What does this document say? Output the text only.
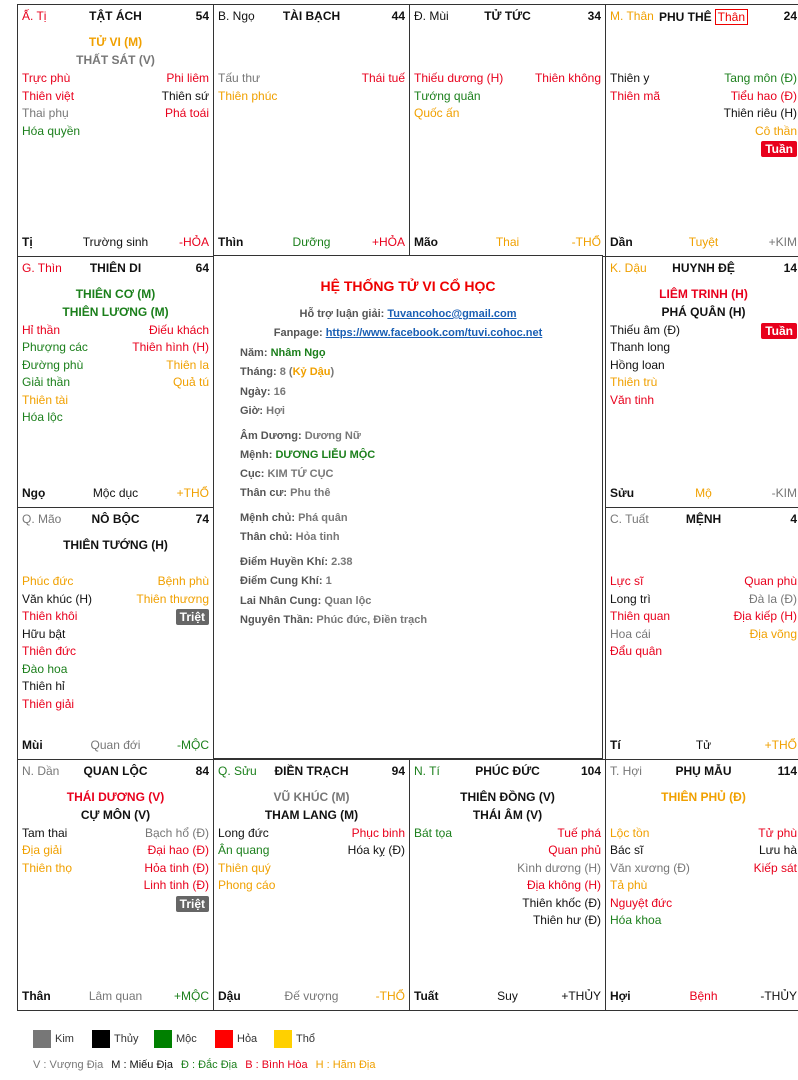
Ấ. Tị	TẬT ÁCH	54
TỬ VI (M)
THẤT SÁT (V)
Trực phù	Phi liêm
Thiên việt	Thiên sứ
Thai phụ	Phá toái
Hóa quyền
Tị	Trường sinh	-HỎA
B. Ngọ	TÀI BẠCH	44
Tấu thư	Thái tuế
Thiên phúc
Thìn	Dưỡng	+HỎA
Đ. Mùi	TỬ TỨC	34
Thiếu dương (H)	Thiên không
Tướng quân
Quốc ấn
Mão	Thai	-THỔ
M. Thân PHU THÊ Thân	24
Thiên y	Tang môn (Đ)
Thiên mã	Tiểu hao (Đ)
Thiên riêu (H)
Cô thần
Tuần
Dần	Tuyệt	+KIM
G. Thìn	THIÊN DI	64
THIÊN CƠ (M)
THIÊN LƯƠNG (M)
Hỉ thần	Điếu khách
Phượng các	Thiên hình (H)
Đường phù	Thiên la
Giải thần	Quả tú
Thiên tài
Hóa lộc
Ngọ	Mộc dục	+THỔ
K. Dậu	HUYNH ĐỆ	14
LIÊM TRINH (H)
PHÁ QUÂN (H)
Thiếu âm (Đ)	Tuần
Thanh long
Hồng loan
Thiên trù
Văn tinh
Sửu	Mộ	-KIM
Q. Mão	NÔ BỘC	74
THIÊN TƯỚNG (H)
Phúc đức	Bệnh phù
Văn khúc (H)	Thiên thương
Thiên khôi	Triệt
Hữu bật
Thiên đức
Đào hoa
Thiên hỉ
Thiên giải
Mùi	Quan đới	-MỘC
C. Tuất	MỆNH	4
Lực sĩ	Quan phù
Long trì	Đà la (Đ)
Thiên quan	Địa kiếp (H)
Hoa cái	Địa võng
Đẩu quân
Tí	Tử	+THỔ
N. Dần	QUAN LỘC	84
THÁI DƯƠNG (V)
CỰ MÔN (V)
Tam thai	Bạch hổ (Đ)
Địa giải	Đại hao (Đ)
Thiên thọ	Hỏa tinh (Đ)
Linh tinh (Đ)
Triệt
Thân	Lâm quan	+MỘC
Q. Sửu	ĐIỀN TRẠCH	94
VŨ KHÚC (M)
THAM LANG (M)
Long đức	Phục binh
Ân quang	Hóa kỵ (Đ)
Thiên quý
Phong cáo
Dậu	Đế vượng	-THỔ
N. Tí	PHÚC ĐỨC	104
THIÊN ĐỒNG (V)
THÁI ÂM (V)
Bát tọa	Tuế phá
Quan phủ
Kình dương (H)
Địa không (H)
Thiên khốc (Đ)
Thiên hư (Đ)
Tuất	Suy	+THỦY
T. Hợi	PHỤ MẪU	114
THIÊN PHỦ (Đ)
Lộc tồn	Tử phù
Bác sĩ	Lưu hà
Văn xương (Đ)	Kiếp sát
Tả phù
Nguyệt đức
Hóa khoa
Hợi	Bệnh	-THỦY
HỆ THỐNG TỬ VI CỔ HỌC
Hỗ trợ luận giải: Tuvancohoc@gmail.com
Fanpage: https://www.facebook.com/tuvi.cohoc.net
Năm: Nhâm Ngọ
Tháng: 8 (Kỷ Dậu)
Ngày: 16
Giờ: Hợi
Âm Dương: Dương Nữ
Mệnh: DƯƠNG LIỄU MỘC
Cục: KIM TỨ CỤC
Thân cư: Phu thê
Mệnh chủ: Phá quân
Thân chủ: Hỏa tinh
Điểm Huyền Khí: 2.38
Điểm Cung Khí: 1
Lai Nhân Cung: Quan lộc
Nguyên Thần: Phúc đức, Điền trạch
Kim	Thủy	Mộc	Hỏa	Thổ
V : Vượng Địa M : Miếu Địa Đ : Đắc Địa B : Bình Hòa H : Hãm Địa
